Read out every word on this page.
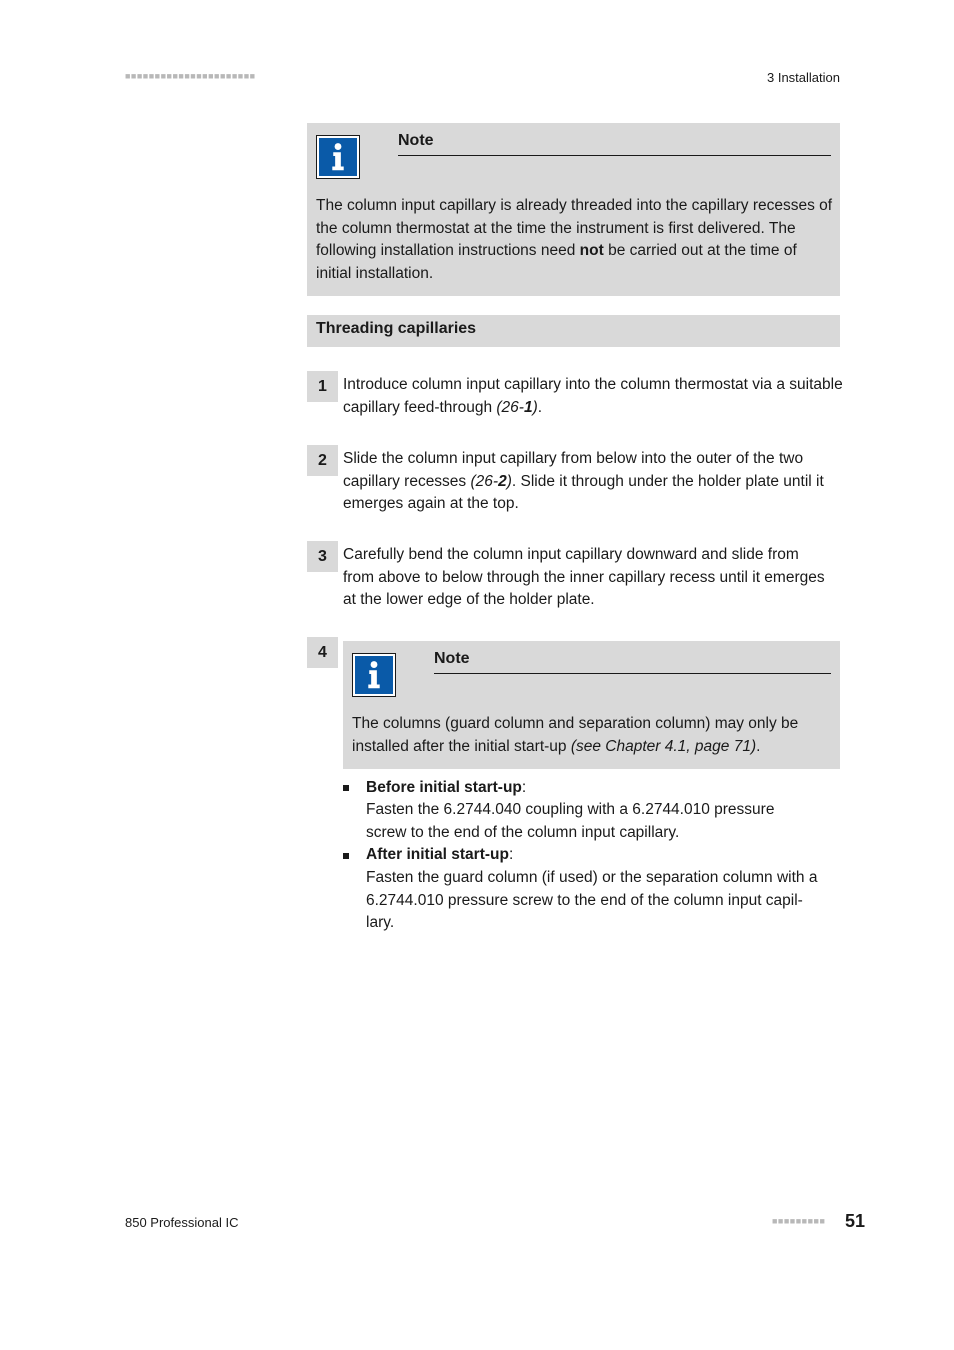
■■■■■■■■■■■■■■■■■■■■■■	3 Installation
Note
The column input capillary is already threaded into the capillary recesses of the column thermostat at the time the instrument is first delivered. The following installation instructions need not be carried out at the time of initial installation.
Threading capillaries
1	Introduce column input capillary into the column thermostat via a suitable capillary feed-through (26-1).
2	Slide the column input capillary from below into the outer of the two capillary recesses (26-2). Slide it through under the holder plate until it emerges again at the top.
3	Carefully bend the column input capillary downward and slide from from above to below through the inner capillary recess until it emerges at the lower edge of the holder plate.
4	Note
The columns (guard column and separation column) may only be installed after the initial start-up (see Chapter 4.1, page 71).
Before initial start-up:
Fasten the 6.2744.040 coupling with a 6.2744.010 pressure screw to the end of the column input capillary.
After initial start-up:
Fasten the guard column (if used) or the separation column with a
6.2744.010 pressure screw to the end of the column input capil-
lary.
850 Professional IC	■■■■■■■■■ 51
